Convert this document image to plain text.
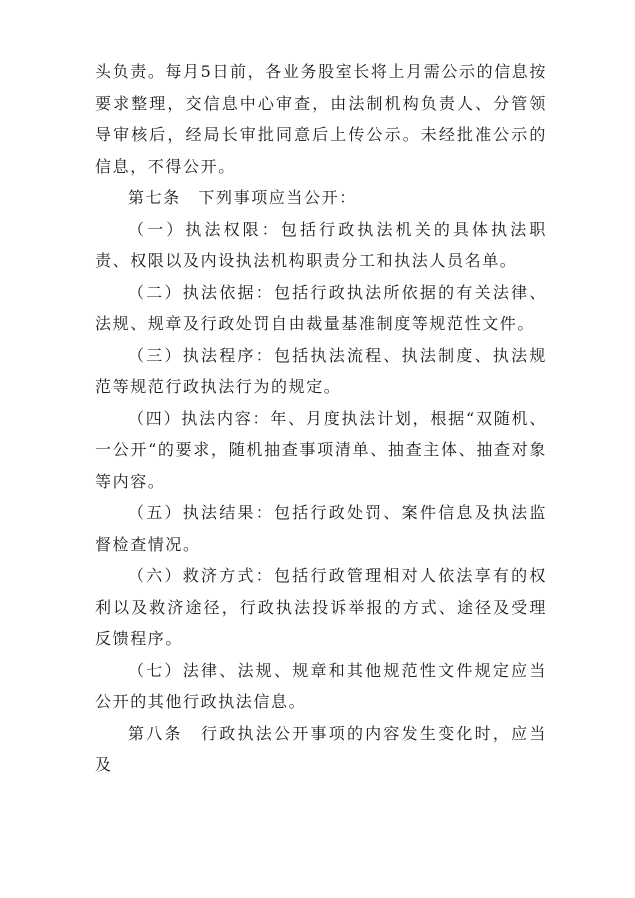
头负责。每月5日前，各业务股室长将上月需公示的信息按要求整理，交信息中心审查，由法制机构负责人、分管领导审核后，经局长审批同意后上传公示。未经批准公示的信息，不得公开。

第七条　下列事项应当公开：

（一）执法权限：包括行政执法机关的具体执法职责、权限以及内设执法机构职责分工和执法人员名单。

（二）执法依据：包括行政执法所依据的有关法律、法规、规章及行政处罚自由裁量基准制度等规范性文件。

（三）执法程序：包括执法流程、执法制度、执法规范等规范行政执法行为的规定。

（四）执法内容：年、月度执法计划，根据“双随机、一公开“的要求，随机抽查事项清单、抽查主体、抽查对象等内容。

（五）执法结果：包括行政处罚、案件信息及执法监督检查情况。

（六）救济方式：包括行政管理相对人依法享有的权利以及救济途径，行政执法投诉举报的方式、途径及受理反馈程序。

（七）法律、法规、规章和其他规范性文件规定应当公开的其他行政执法信息。

第八条　行政执法公开事项的内容发生变化时，应当及
